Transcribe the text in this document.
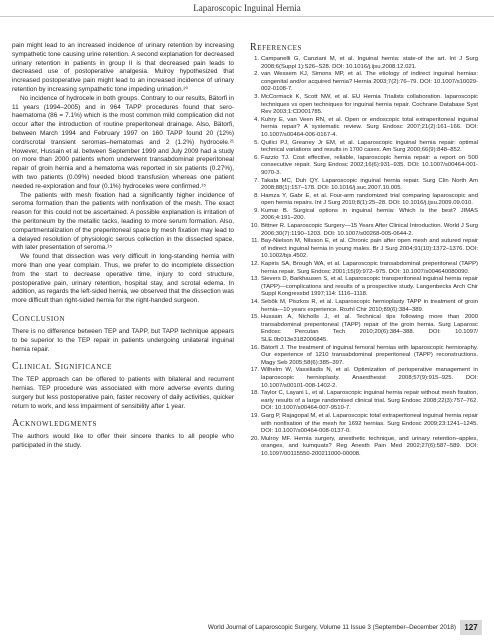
Laparoscopic Inguinal Hernia

pain might lead to an increased incidence of urinary retention by increasing sympathetic tone causing urine retention. A second explanation for decreased urinary retention in patients in group II is that decreased pain leads to decreased use of postoperative analgesia. Mulroy hypothesized that increased postoperative pain might lead to an increased incidence of urinary retention by increasing sympathetic tone impeding urination.²⁰

No incidence of hydrocele in both groups. Contrary to our results, Bätorfi in 11 years (1994–2005) and in 964 TAPP procedures found that sero-haematoma (86 = 7.1%) which is the most common mild complication did not occur after the introduction of routine preperitoneal drainage. Also, Bätorfi, between March 1994 and February 1997 on 160 TAPP found 20 (12%) cord/scrotal transient seromas–hematomas and 2 (1.2%) hydrocele.²¹ However, Hussain et al. between September 1999 and July 2009 had a study on more than 2000 patients whom underwent transabdominal preperitoneal repair of groin hernia and a hematoma was reported in six patients (0.27%), with two patients (0.09%) needed blood transfusion whereas one patient needed re-exploration and four (0.1%) hydroceles were confirmed.¹⁵

The patients with mesh fixation had a significantly higher incidence of seroma formation than the patients with nonfixation of the mesh. The exact reason for this could not be ascertained. A possible explanation is irritation of the peritoneum by the metallic tacks, leading to more serum formation. Also, compartmentalization of the preperitoneal space by mesh fixation may lead to a delayed resolution of physiologic serous collection in the dissected space, with later presentation of seroma.¹⁵

We found that dissection was very difficult in long-standing hernia with more than one year complain. Thus, we prefer to do incomplete dissection from the start to decrease operative time, injury to cord structure, postoperative pain, urinary retention, hospital stay, and scrotal edema. In addition, as regards the left-sided hernia, we observed that the dissection was more difficult than right-sided hernia for the right-handed surgeon.

Conclusion

There is no difference between TEP and TAPP, but TAPP technique appears to be superior to the TEP repair in patients undergoing unilateral inguinal hernia repair.

Clinical Significance

The TEP approach can be offered to patients with bilateral and recurrent hernias. TEP procedure was associated with more adverse events during surgery but less postoperative pain, faster recovery of daily activities, quicker return to work, and less impairment of sensibility after 1 year.

Acknowledgments

The authors would like to offer their sincere thanks to all people who participated in the study.

References
1. Campanelli G, Canziani M, et al. Inguinal hernia: state-of the art. Int J Surg 2008;6(Suppl 1):S26–S28. DOI: 10.1016/j.ijsu.2008.12.021.
2. van Wessem KJ, Simons MP, et al. The etiology of indirect inguinal hernias: congenital and/or acquired hernia? Hernia 2003;7(2):76–79. DOI: 10.1007/s10029-002-0108-7.
3. McCormack K, Scott NW, et al. EU Hernia Trialists collaboration. laparoscopic techniques vs open techniques for inguinal hernia repair. Cochrane Database Syst Rev 2003;1:CD001785.
4. Kuhry E, van Veen RN, et al. Open or endoscopic total extraperitoneal inguinal hernia repair? A systematic review. Surg Endosc 2007;21(2):161–166. DOI: 10.1007/s00464-006-0167-4.
5. Quilici PJ, Greaney Jr EM, et al. Laparoscopic inguinal hernia repair: optimal technical variations and results in 1700 cases. Am Surg 2000;66(9):848–852.
6. Fazzio TJ. Cost effective, reliable, laparoscopic hernia repair: a report on 500 consecutive repair. Surg Endosc 2002;16(6):931–935. DOI: 10.1007/s00464-001-9070-3.
7. Takata MC, Duh QY. Laparoscopic inguinal hernia repair. Surg Clin North Am 2008;88(1):157–178. DOI: 10.1016/j.suc.2007.10.005.
8. Hamza Y, Gabr E, et al. Four-arm randomized trial comparing laparoscopic and open hernia repairs. Int J Surg 2010;8(1):25–28. DOI: 10.1016/j.ijsu.2009.09.010.
9. Kumar B. Surgical options in inguinal hernia: Which is the best? JIMAS 2006;4:191–200.
10. Bittner R. Laparoscopic Surgery—15 Years After Clinical Introduction. World J Surg 2006;30(7):1190–1203. DOI: 10.1007/s00268-005-0644-2.
11. Bay-Nielson M, Nilsson E, et al. Chronic pain after open mesh and sutured repair of indirect inguinal hernia in young males. Br J Surg 2004;91(10):1372–1376. DOI: 10.1002/bjs.4502.
12. Kapiris SA, Brough WA, et al. Laparoscopic transabdominal preperitoneal (TAPP) hernia repair. Surg Endosc 2001;15(9):972–975. DOI: 10.1007/s004640080090.
13. Sievers D, Barkhausen S, et al. Laparoscopic transperitoneal inguinal hernia repair (TAPP)—complications and results of a prospective study. Langenbecks Arch Chir Suppl Kongressbd 1997;114: 1116–1118.
14. Sebõk M, Piszkos R, et al. Laparoscopic hernioplasty TAPP in treatment of groin hernia—10 years experience. Rozhl Chir 2010;89(6):384–389.
15. Hussain A, Nicholls J, et al. Technical tips following more than 2000 transabdominal preperitoneal (TAPP) repair of the groin hernia. Surg Laparosc Endosc Percutan Tech 2010;20(6):384–388. DOI: 10.1097/ SLE.0b013e3182006845.
16. Bátorfi J. The treatment of inguinal femoral hernias with laparoscopic hernioraphy. Our experience of 1210 transabdominal preperitoneal (TAPP) reconstructions. Magy Seb 2005;58(6):385–397.
17. Wilhelm W, Vassiliadis N, et al. Optimization of perioperative management in laparoscopic hernioplasty. Anaesthesist 2008;57(9):915–925. DOI: 10.1007/s00101-008-1402-2.
18. Taylor C, Layani L, et al. Laparoscopic inguinal hernia repair without mesh fixation, early results of a large randomised clinical trial. Surg Endosc 2008;22(3):757–762. DOI: 10.1007/s00464-007-9510-7.
19. Garg P, Rajagopal M, et al. Laparoscopic total extraperitoneal inguinal hernia repair with nonfixation of the mesh for 1692 hernias. Surg Endosc 2009;23:1241–1245. DOI: 10.1007/s00464-008-0137-0.
20. Mulroy MF. Hernia surgery, anesthetic technique, and urinary retention–apples, oranges, and kumquats? Reg Anesth Pain Med 2002;27(6):587–589. DOI: 10.1097/00115550-200211000-00008.
World Journal of Laparoscopic Surgery, Volume 11 Issue 3 (September–December 2018)	127
